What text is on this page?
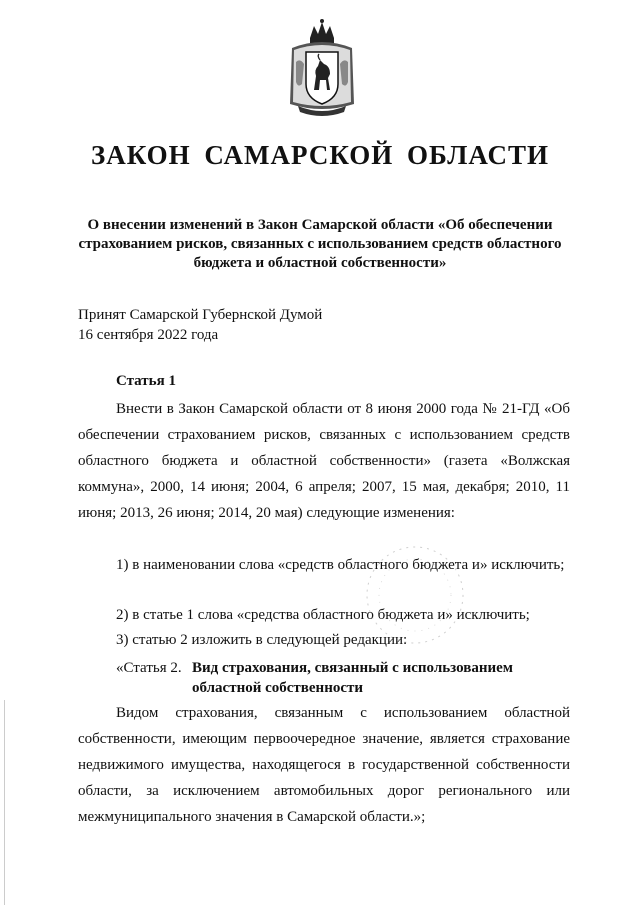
ЗАКОН САМАРСКОЙ ОБЛАСТИ
О внесении изменений в Закон Самарской области «Об обеспечении страхованием рисков, связанных с использованием средств областного бюджета и областной собственности»
Принят Самарской Губернской Думой
16 сентября 2022 года
Статья 1
Внести в Закон Самарской области от 8 июня 2000 года № 21-ГД «Об обеспечении страхованием рисков, связанных с использованием средств областного бюджета и областной собственности» (газета «Волжская коммуна», 2000, 14 июня; 2004, 6 апреля; 2007, 15 мая, декабря; 2010, 11 июня; 2013, 26 июня; 2014, 20 мая) следующие изменения:
1) в наименовании слова «средств областного бюджета и» исключить;
2) в статье 1 слова «средства областного бюджета и» исключить;
3) статью 2 изложить в следующей редакции:
«Статья 2. Вид страхования, связанный с использованием
областной собственности
Видом страхования, связанным с использованием областной собственности, имеющим первоочередное значение, является страхование недвижимого имущества, находящегося в государственной собственности области, за исключением автомобильных дорог регионального или межмуниципального значения в Самарской области.»;
